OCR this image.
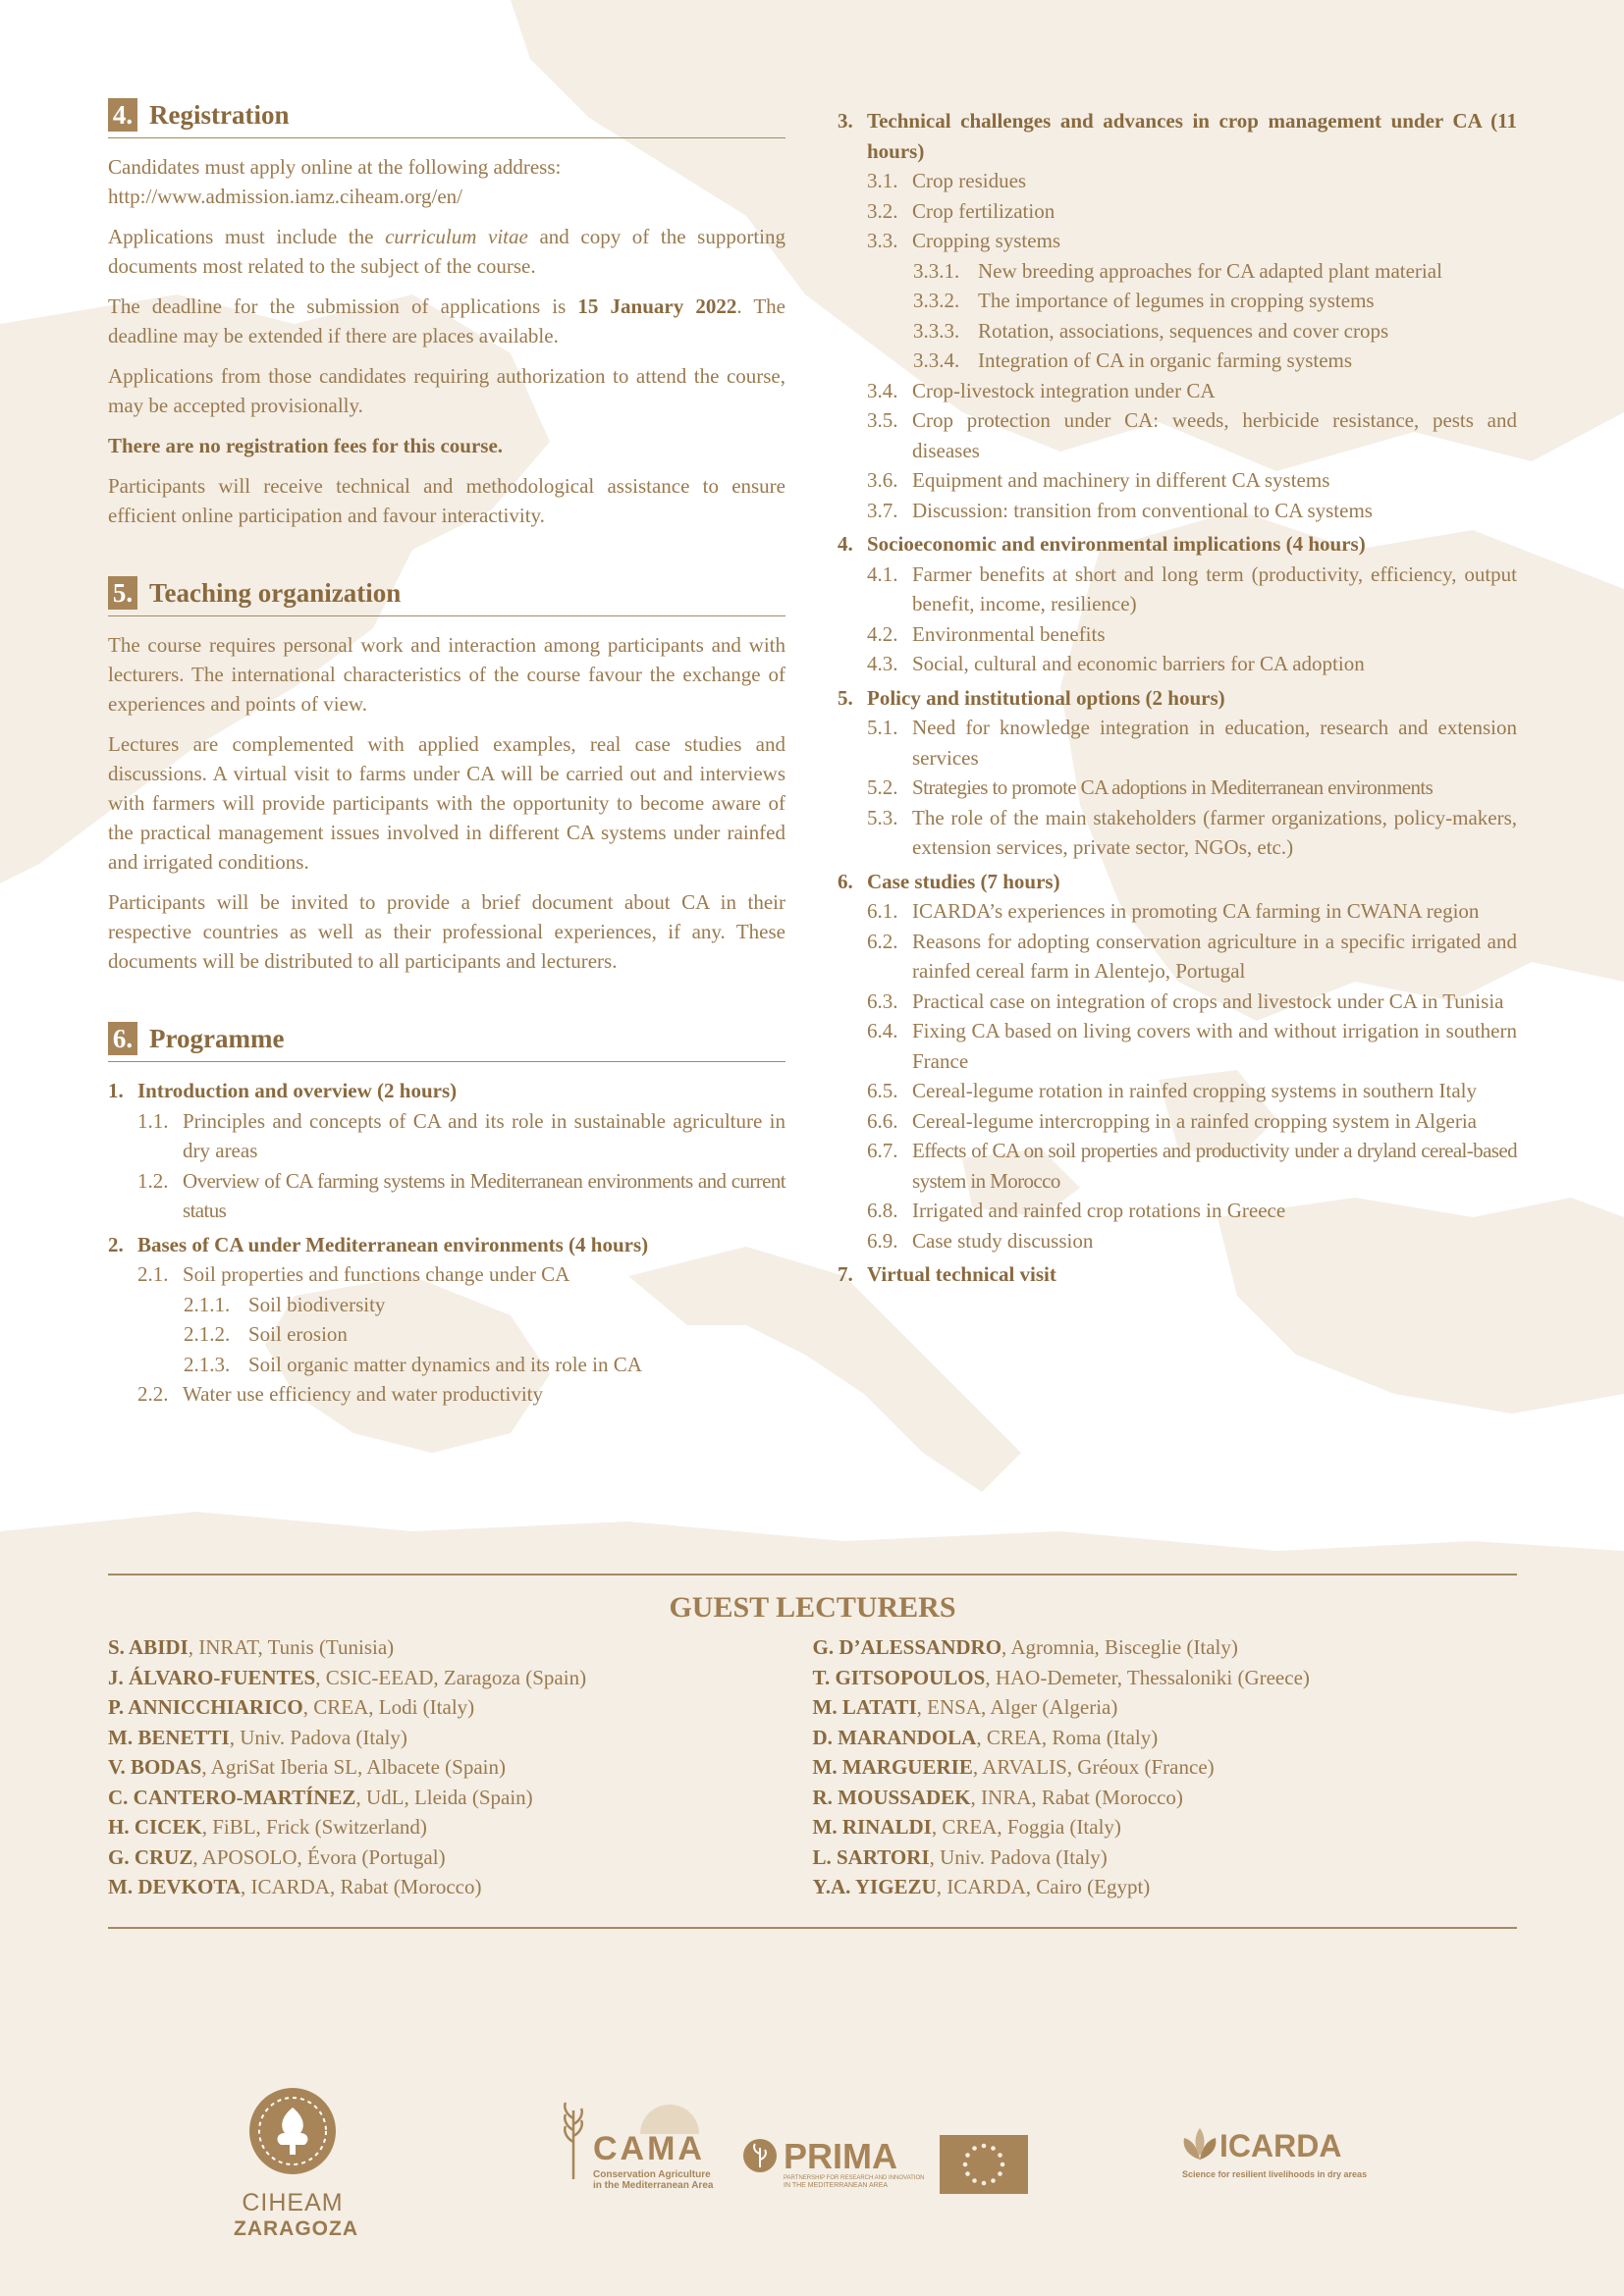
4. Registration

Candidates must apply online at the following address: http://www.admission.iamz.ciheam.org/en/

Applications must include the curriculum vitae and copy of the supporting documents most related to the subject of the course.

The deadline for the submission of applications is 15 January 2022. The deadline may be extended if there are places available.

Applications from those candidates requiring authorization to attend the course, may be accepted provisionally.

There are no registration fees for this course.

Participants will receive technical and methodological assistance to ensure efficient online participation and favour interactivity.

5. Teaching organization

The course requires personal work and interaction among participants and with lecturers. The international characteristics of the course favour the exchange of experiences and points of view.

Lectures are complemented with applied examples, real case studies and discussions. A virtual visit to farms under CA will be carried out and interviews with farmers will provide participants with the opportunity to become aware of the practical management issues involved in different CA systems under rainfed and irrigated conditions.

Participants will be invited to provide a brief document about CA in their respective countries as well as their professional experiences, if any. These documents will be distributed to all participants and lecturers.

6. Programme
1. Introduction and overview (2 hours)
1.1. Principles and concepts of CA and its role in sustainable agriculture in dry areas
1.2. Overview of CA farming systems in Mediterranean environments and current status
2. Bases of CA under Mediterranean environments (4 hours)
2.1. Soil properties and functions change under CA
2.1.1. Soil biodiversity
2.1.2. Soil erosion
2.1.3. Soil organic matter dynamics and its role in CA
2.2. Water use efficiency and water productivity
3. Technical challenges and advances in crop management under CA (11 hours)
3.1. Crop residues
3.2. Crop fertilization
3.3. Cropping systems
3.3.1. New breeding approaches for CA adapted plant material
3.3.2. The importance of legumes in cropping systems
3.3.3. Rotation, associations, sequences and cover crops
3.3.4. Integration of CA in organic farming systems
3.4. Crop-livestock integration under CA
3.5. Crop protection under CA: weeds, herbicide resistance, pests and diseases
3.6. Equipment and machinery in different CA systems
3.7. Discussion: transition from conventional to CA systems
4. Socioeconomic and environmental implications (4 hours)
4.1. Farmer benefits at short and long term (productivity, efficiency, output benefit, income, resilience)
4.2. Environmental benefits
4.3. Social, cultural and economic barriers for CA adoption
5. Policy and institutional options (2 hours)
5.1. Need for knowledge integration in education, research and extension services
5.2. Strategies to promote CA adoptions in Mediterranean environments
5.3. The role of the main stakeholders (farmer organizations, policy-makers, extension services, private sector, NGOs, etc.)
6. Case studies (7 hours)
6.1. ICARDA’s experiences in promoting CA farming in CWANA region
6.2. Reasons for adopting conservation agriculture in a specific irrigated and rainfed cereal farm in Alentejo, Portugal
6.3. Practical case on integration of crops and livestock under CA in Tunisia
6.4. Fixing CA based on living covers with and without irrigation in southern France
6.5. Cereal-legume rotation in rainfed cropping systems in southern Italy
6.6. Cereal-legume intercropping in a rainfed cropping system in Algeria
6.7. Effects of CA on soil properties and productivity under a dryland cereal-based system in Morocco
6.8. Irrigated and rainfed crop rotations in Greece
6.9. Case study discussion
7. Virtual technical visit
GUEST LECTURERS
S. ABIDI, INRAT, Tunis (Tunisia)
J. ÁLVARO-FUENTES, CSIC-EEAD, Zaragoza (Spain)
P. ANNICCHIARICO, CREA, Lodi (Italy)
M. BENETTI, Univ. Padova (Italy)
V. BODAS, AgriSat Iberia SL, Albacete (Spain)
C. CANTERO-MARTÍNEZ, UdL, Lleida (Spain)
H. CICEK, FiBL, Frick (Switzerland)
G. CRUZ, APOSOLO, Évora (Portugal)
M. DEVKOTA, ICARDA, Rabat (Morocco)
G. D’ALESSANDRO, Agromnia, Bisceglie (Italy)
T. GITSOPOULOS, HAO-Demeter, Thessaloniki (Greece)
M. LATATI, ENSA, Alger (Algeria)
D. MARANDOLA, CREA, Roma (Italy)
M. MARGUERIE, ARVALIS, Gréoux (France)
R. MOUSSADEK, INRA, Rabat (Morocco)
M. RINALDI, CREA, Foggia (Italy)
L. SARTORI, Univ. Padova (Italy)
Y.A. YIGEZU, ICARDA, Cairo (Egypt)
CIHEAM
ZARAGOZA
CAMA
Conservation Agriculture
in the Mediterranean Area
PRIMA
PARTNERSHIP FOR RESEARCH AND INNOVATION
IN THE MEDITERRANEAN AREA
ICARDA
Science for resilient livelihoods in dry areas
